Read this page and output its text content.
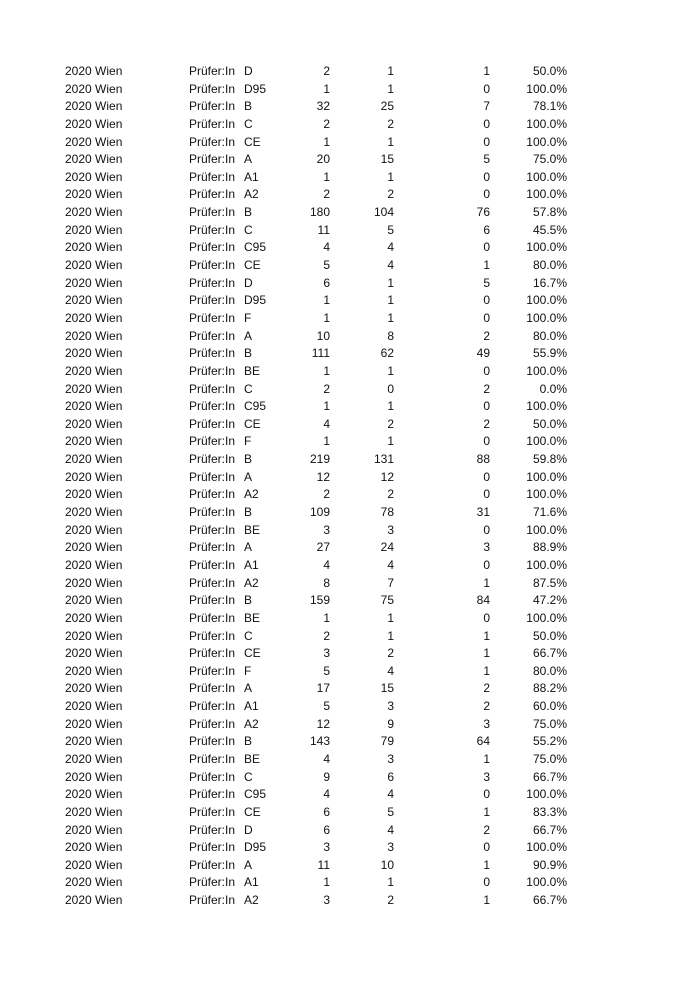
2020 Wien	Prüfer:In D	2	1	1	50.0%
2020 Wien	Prüfer:In D95	1	1	0	100.0%
2020 Wien	Prüfer:In B	32	25	7	78.1%
2020 Wien	Prüfer:In C	2	2	0	100.0%
2020 Wien	Prüfer:In CE	1	1	0	100.0%
2020 Wien	Prüfer:In A	20	15	5	75.0%
2020 Wien	Prüfer:In A1	1	1	0	100.0%
2020 Wien	Prüfer:In A2	2	2	0	100.0%
2020 Wien	Prüfer:In B	180	104	76	57.8%
2020 Wien	Prüfer:In C	11	5	6	45.5%
2020 Wien	Prüfer:In C95	4	4	0	100.0%
2020 Wien	Prüfer:In CE	5	4	1	80.0%
2020 Wien	Prüfer:In D	6	1	5	16.7%
2020 Wien	Prüfer:In D95	1	1	0	100.0%
2020 Wien	Prüfer:In F	1	1	0	100.0%
2020 Wien	Prüfer:In A	10	8	2	80.0%
2020 Wien	Prüfer:In B	111	62	49	55.9%
2020 Wien	Prüfer:In BE	1	1	0	100.0%
2020 Wien	Prüfer:In C	2	0	2	0.0%
2020 Wien	Prüfer:In C95	1	1	0	100.0%
2020 Wien	Prüfer:In CE	4	2	2	50.0%
2020 Wien	Prüfer:In F	1	1	0	100.0%
2020 Wien	Prüfer:In B	219	131	88	59.8%
2020 Wien	Prüfer:In A	12	12	0	100.0%
2020 Wien	Prüfer:In A2	2	2	0	100.0%
2020 Wien	Prüfer:In B	109	78	31	71.6%
2020 Wien	Prüfer:In BE	3	3	0	100.0%
2020 Wien	Prüfer:In A	27	24	3	88.9%
2020 Wien	Prüfer:In A1	4	4	0	100.0%
2020 Wien	Prüfer:In A2	8	7	1	87.5%
2020 Wien	Prüfer:In B	159	75	84	47.2%
2020 Wien	Prüfer:In BE	1	1	0	100.0%
2020 Wien	Prüfer:In C	2	1	1	50.0%
2020 Wien	Prüfer:In CE	3	2	1	66.7%
2020 Wien	Prüfer:In F	5	4	1	80.0%
2020 Wien	Prüfer:In A	17	15	2	88.2%
2020 Wien	Prüfer:In A1	5	3	2	60.0%
2020 Wien	Prüfer:In A2	12	9	3	75.0%
2020 Wien	Prüfer:In B	143	79	64	55.2%
2020 Wien	Prüfer:In BE	4	3	1	75.0%
2020 Wien	Prüfer:In C	9	6	3	66.7%
2020 Wien	Prüfer:In C95	4	4	0	100.0%
2020 Wien	Prüfer:In CE	6	5	1	83.3%
2020 Wien	Prüfer:In D	6	4	2	66.7%
2020 Wien	Prüfer:In D95	3	3	0	100.0%
2020 Wien	Prüfer:In A	11	10	1	90.9%
2020 Wien	Prüfer:In A1	1	1	0	100.0%
2020 Wien	Prüfer:In A2	3	2	1	66.7%
